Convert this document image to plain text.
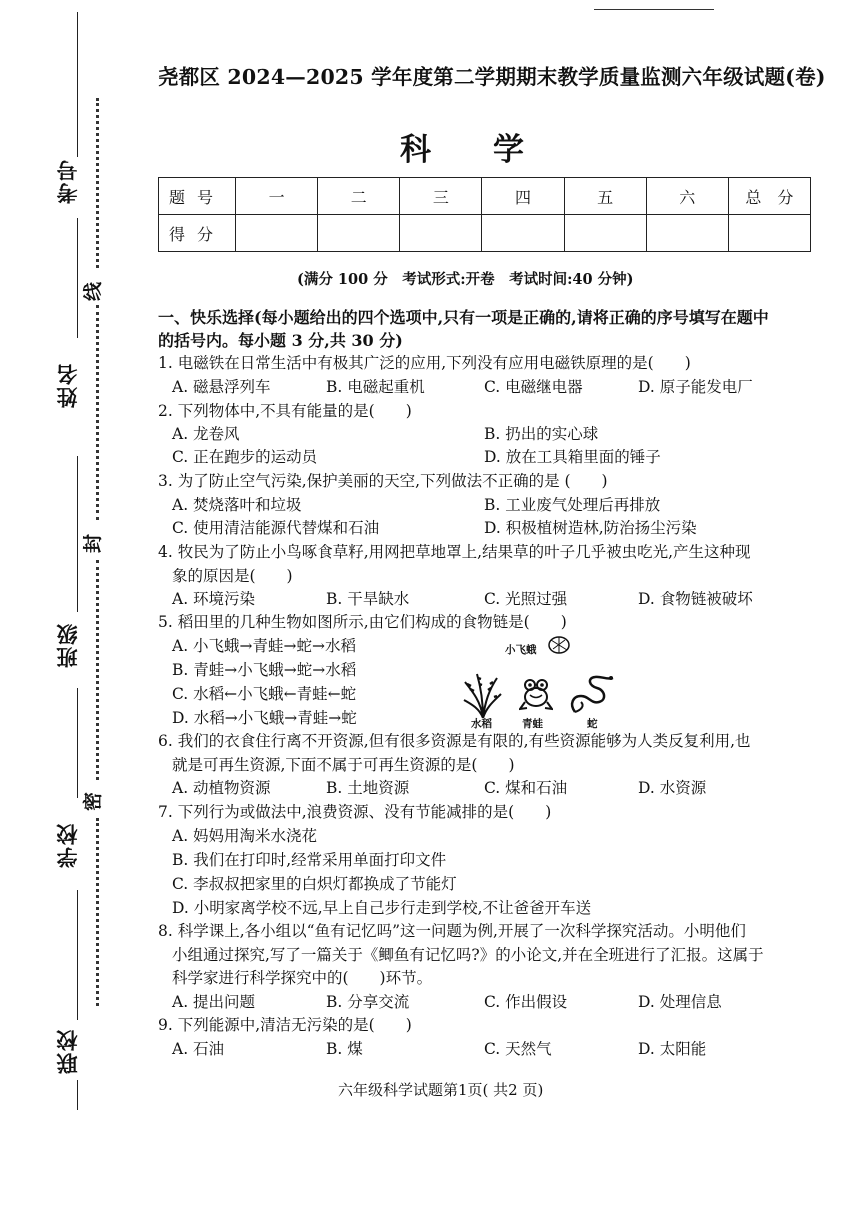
考号
姓名
班级
学校
联校
线
封
密
尧都区 2024—2025 学年度第二学期期末教学质量监测六年级试题(卷)
科　　学
题号	一	二	三	四	五	六	总　分
得分							
(满分 100 分　考试形式:开卷　考试时间:40 分钟)
一、快乐选择(每小题给出的四个选项中,只有一项是正确的,请将正确的序号填写在题中
的括号内。每小题 3 分,共 30 分)
1. 电磁铁在日常生活中有极其广泛的应用,下列没有应用电磁铁原理的是(　　)
A. 磁悬浮列车	B. 电磁起重机	C. 电磁继电器	D. 原子能发电厂
2. 下列物体中,不具有能量的是(　　)
A. 龙卷风	B. 扔出的实心球
C. 正在跑步的运动员	D. 放在工具箱里面的锤子
3. 为了防止空气污染,保护美丽的天空,下列做法不正确的是 (　　)
A. 焚烧落叶和垃圾	B. 工业废气处理后再排放
C. 使用清洁能源代替煤和石油	D. 积极植树造林,防治扬尘污染
4. 牧民为了防止小鸟啄食草籽,用网把草地罩上,结果草的叶子几乎被虫吃光,产生这种现
象的原因是(　　)
A. 环境污染	B. 干旱缺水	C. 光照过强	D. 食物链被破坏
5. 稻田里的几种生物如图所示,由它们构成的食物链是(　　)
A. 小飞蛾→青蛙→蛇→水稻
B. 青蛙→小飞蛾→蛇→水稻
C. 水稻←小飞蛾←青蛙←蛇
D. 水稻→小飞蛾→青蛙→蛇
小飞蛾
水稻	青蛙	蛇
6. 我们的衣食住行离不开资源,但有很多资源是有限的,有些资源能够为人类反复利用,也
就是可再生资源,下面不属于可再生资源的是(　　)
A. 动植物资源	B. 土地资源	C. 煤和石油	D. 水资源
7. 下列行为或做法中,浪费资源、没有节能减排的是(　　)
A. 妈妈用淘米水浇花
B. 我们在打印时,经常采用单面打印文件
C. 李叔叔把家里的白炽灯都换成了节能灯
D. 小明家离学校不远,早上自己步行走到学校,不让爸爸开车送
8. 科学课上,各小组以“鱼有记忆吗”这一问题为例,开展了一次科学探究活动。小明他们
小组通过探究,写了一篇关于《鲫鱼有记忆吗?》的小论文,并在全班进行了汇报。这属于
科学家进行科学探究中的(　　)环节。
A. 提出问题	B. 分享交流	C. 作出假设	D. 处理信息
9. 下列能源中,清洁无污染的是(　　)
A. 石油	B. 煤	C. 天然气	D. 太阳能
六年级科学试题第1页( 共2 页)
